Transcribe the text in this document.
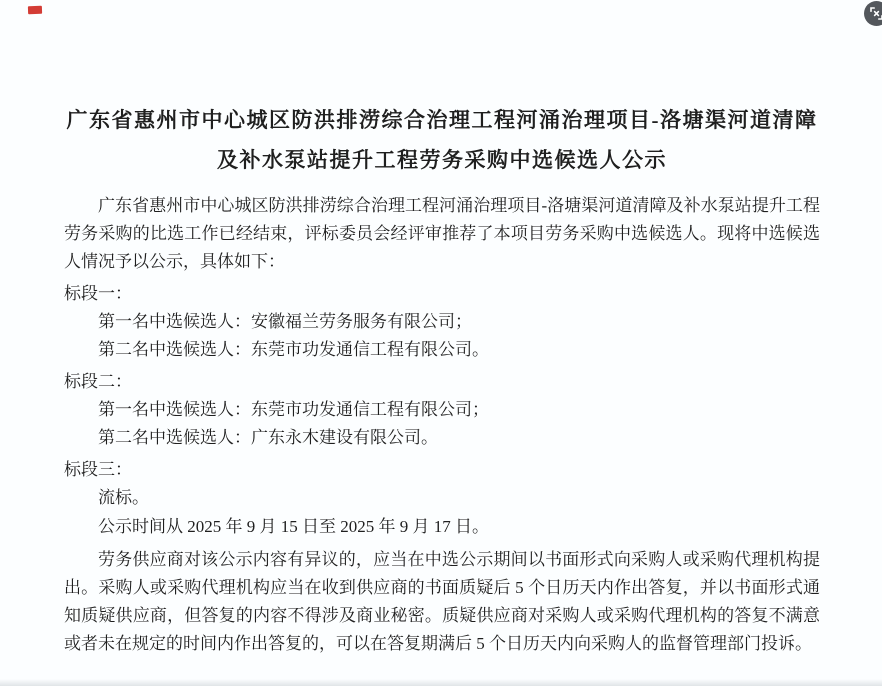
广东省惠州市中心城区防洪排涝综合治理工程河涌治理项目-洛塘渠河道清障及补水泵站提升工程劳务采购中选候选人公示

广东省惠州市中心城区防洪排涝综合治理工程河涌治理项目-洛塘渠河道清障及补水泵站提升工程劳务采购的比选工作已经结束，评标委员会经评审推荐了本项目劳务采购中选候选人。现将中选候选人情况予以公示，具体如下：

标段一：
第一名中选候选人：安徽福兰劳务服务有限公司；
第二名中选候选人：东莞市功发通信工程有限公司。
标段二：
第一名中选候选人：东莞市功发通信工程有限公司；
第二名中选候选人：广东永木建设有限公司。
标段三：
流标。
公示时间从 2025 年 9 月 15 日至 2025 年 9 月 17 日。

劳务供应商对该公示内容有异议的，应当在中选公示期间以书面形式向采购人或采购代理机构提出。采购人或采购代理机构应当在收到供应商的书面质疑后 5 个日历天内作出答复，并以书面形式通知质疑供应商，但答复的内容不得涉及商业秘密。质疑供应商对采购人或采购代理机构的答复不满意或者未在规定的时间内作出答复的，可以在答复期满后 5 个日历天内向采购人的监督管理部门投诉。
